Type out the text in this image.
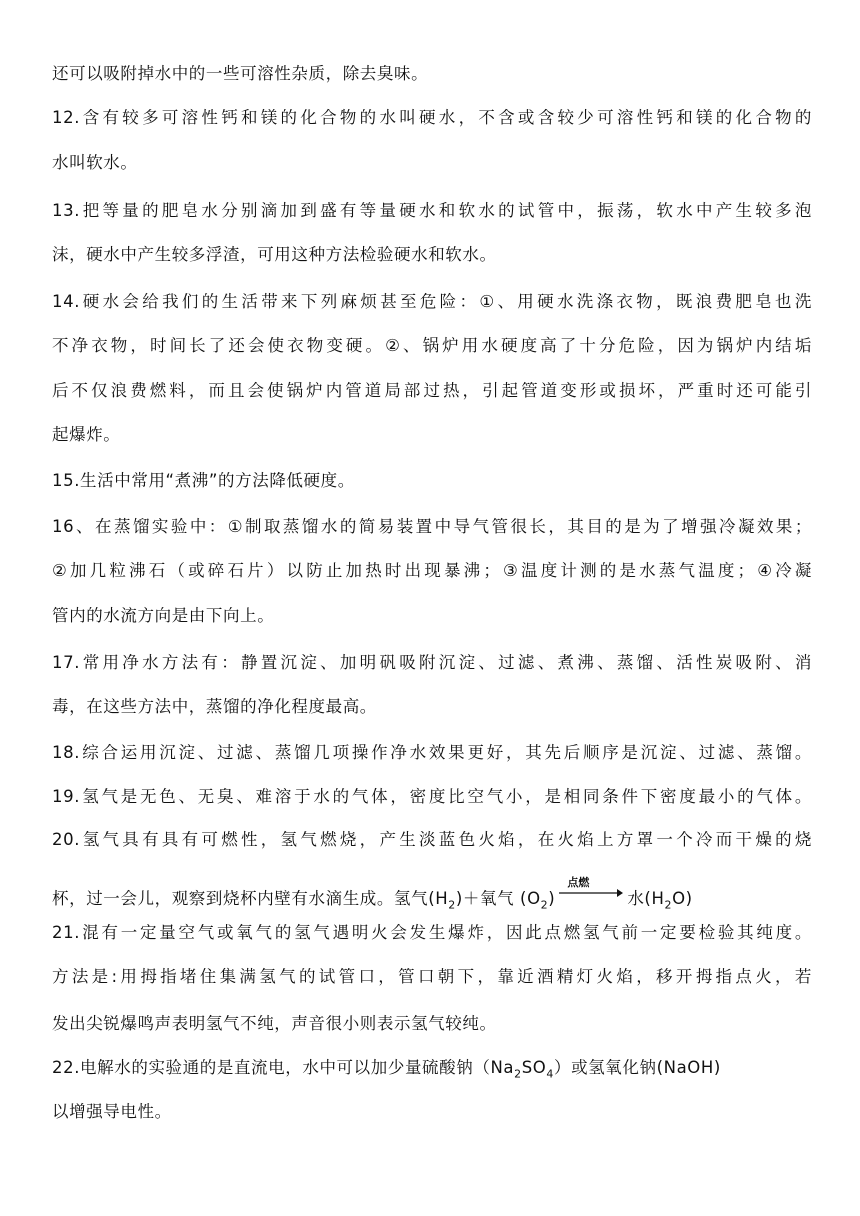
还可以吸附掉水中的一些可溶性杂质，除去臭味。
12.含有较多可溶性钙和镁的化合物的水叫硬水，不含或含较少可溶性钙和镁的化合物的
水叫软水。
13.把等量的肥皂水分别滴加到盛有等量硬水和软水的试管中，振荡，软水中产生较多泡
沫，硬水中产生较多浮渣，可用这种方法检验硬水和软水。
14.硬水会给我们的生活带来下列麻烦甚至危险：①、用硬水洗涤衣物，既浪费肥皂也洗
不净衣物，时间长了还会使衣物变硬。②、锅炉用水硬度高了十分危险，因为锅炉内结垢
后不仅浪费燃料，而且会使锅炉内管道局部过热，引起管道变形或损坏，严重时还可能引
起爆炸。
15.生活中常用“煮沸”的方法降低硬度。
16、在蒸馏实验中：①制取蒸馏水的简易装置中导气管很长，其目的是为了增强冷凝效果；
②加几粒沸石（或碎石片）以防止加热时出现暴沸；③温度计测的是水蒸气温度；④冷凝
管内的水流方向是由下向上。
17.常用净水方法有：静置沉淀、加明矾吸附沉淀、过滤、煮沸、蒸馏、活性炭吸附、消
毒，在这些方法中，蒸馏的净化程度最高。
18.综合运用沉淀、过滤、蒸馏几项操作净水效果更好，其先后顺序是沉淀、过滤、蒸馏。
19.氢气是无色、无臭、难溶于水的气体，密度比空气小，是相同条件下密度最小的气体。
20.氢气具有具有可燃性，氢气燃烧，产生淡蓝色火焰，在火焰上方罩一个冷而干燥的烧
杯，过一会儿，观察到烧杯内壁有水滴生成。氢气$(H_2)+$氧气 $(O_2)$
点燃
水$(H_2O)$
21.混有一定量空气或氧气的氢气遇明火会发生爆炸，因此点燃氢气前一定要检验其纯度。
方法是:用拇指堵住集满氢气的试管口，管口朝下，靠近酒精灯火焰，移开拇指点火，若
发出尖锐爆鸣声表明氢气不纯，声音很小则表示氢气较纯。
22.电解水的实验通的是直流电，水中可以加少量硫酸钠$(Na_2SO_4)$或氢氧化钠(NaOH)
以增强导电性。
